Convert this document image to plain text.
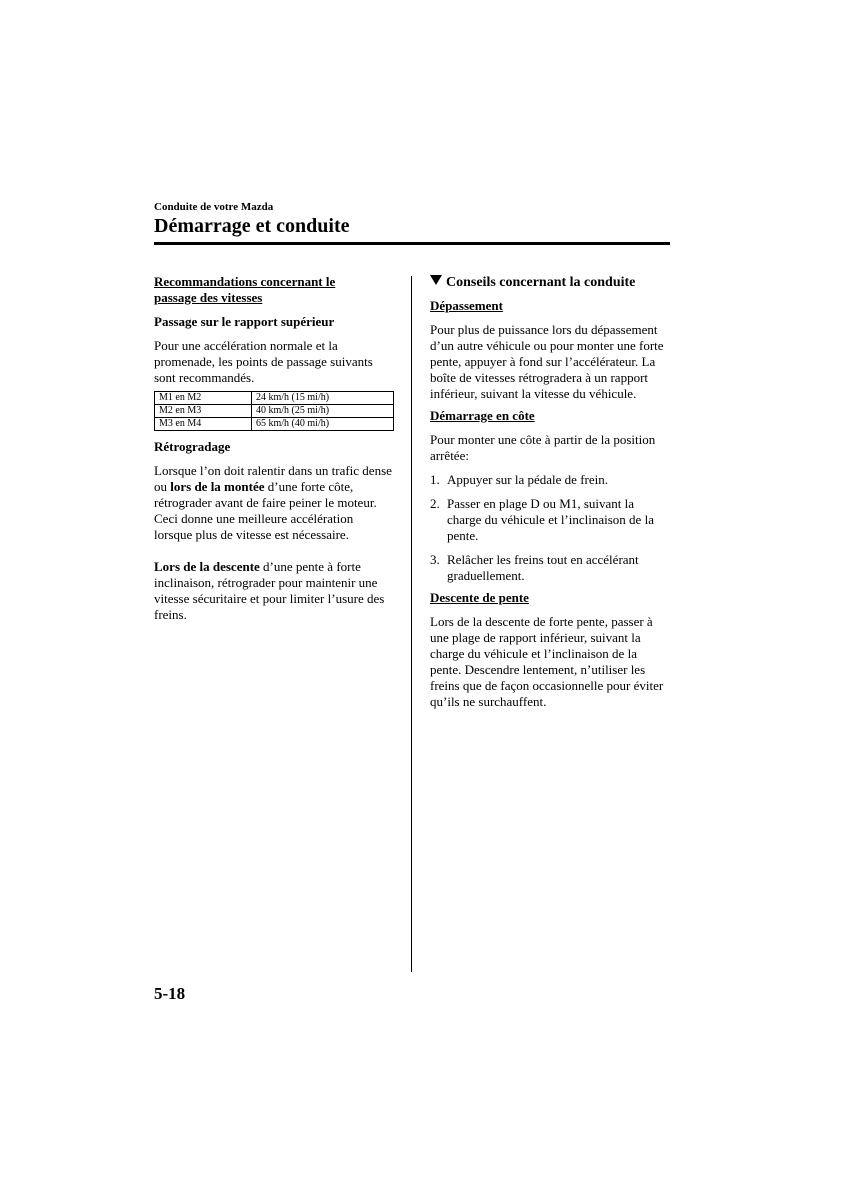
Conduite de votre Mazda
Démarrage et conduite
Recommandations concernant le
passage des vitesses
Passage sur le rapport supérieur

Pour une accélération normale et la promenade, les points de passage suivants sont recommandés.

M1 en M2	24 km/h (15 mi/h)
M2 en M3	40 km/h (25 mi/h)
M3 en M4	65 km/h (40 mi/h)
Rétrogradage

Lorsque l’on doit ralentir dans un trafic dense ou lors de la montée d’une forte côte, rétrograder avant de faire peiner le moteur. Ceci donne une meilleure accélération lorsque plus de vitesse est nécessaire.

Lors de la descente d’une pente à forte inclinaison, rétrograder pour maintenir une vitesse sécuritaire et pour limiter l’usure des freins.

Conseils concernant la conduite
Dépassement

Pour plus de puissance lors du dépassement d’un autre véhicule ou pour monter une forte pente, appuyer à fond sur l’accélérateur. La boîte de vitesses rétrogradera à un rapport inférieur, suivant la vitesse du véhicule.

Démarrage en côte

Pour monter une côte à partir de la position arrêtée:

1. Appuyer sur la pédale de frein.
2. Passer en plage D ou M1, suivant la charge du véhicule et l’inclinaison de la pente.
3. Relâcher les freins tout en accélérant graduellement.
Descente de pente

Lors de la descente de forte pente, passer à une plage de rapport inférieur, suivant la charge du véhicule et l’inclinaison de la pente. Descendre lentement, n’utiliser les freins que de façon occasionnelle pour éviter qu’ils ne surchauffent.

5-18
